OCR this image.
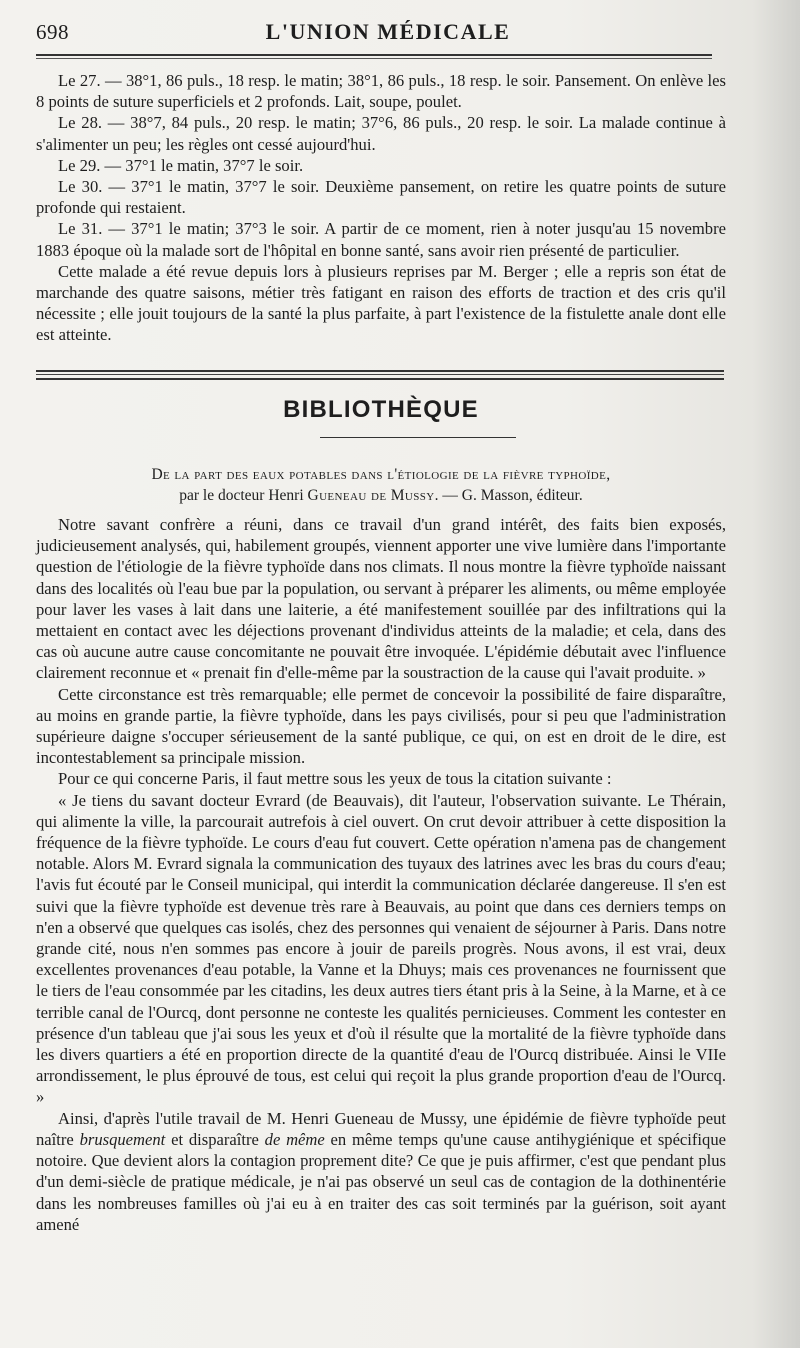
698	L'UNION MÉDICALE

Le 27. — 38°1, 86 puls., 18 resp. le matin; 38°1, 86 puls., 18 resp. le soir. Pansement. On enlève les 8 points de suture superficiels et 2 profonds. Lait, soupe, poulet.

Le 28. — 38°7, 84 puls., 20 resp. le matin; 37°6, 86 puls., 20 resp. le soir. La malade continue à s'alimenter un peu; les règles ont cessé aujourd'hui.

Le 29. — 37°1 le matin, 37°7 le soir.

Le 30. — 37°1 le matin, 37°7 le soir. Deuxième pansement, on retire les quatre points de suture profonde qui restaient.

Le 31. — 37°1 le matin; 37°3 le soir. A partir de ce moment, rien à noter jusqu'au 15 novembre 1883 époque où la malade sort de l'hôpital en bonne santé, sans avoir rien présenté de particulier.

Cette malade a été revue depuis lors à plusieurs reprises par M. Berger ; elle a repris son état de marchande des quatre saisons, métier très fatigant en raison des efforts de traction et des cris qu'il nécessite ; elle jouit toujours de la santé la plus parfaite, à part l'existence de la fistulette anale dont elle est atteinte.

BIBLIOTHÈQUE
De la part des eaux potables dans l'étiologie de la fièvre typhoïde,
par le docteur Henri Gueneau de Mussy. — G. Masson, éditeur.

Notre savant confrère a réuni, dans ce travail d'un grand intérêt, des faits bien exposés, judicieusement analysés, qui, habilement groupés, viennent apporter une vive lumière dans l'importante question de l'étiologie de la fièvre typhoïde dans nos climats. Il nous montre la fièvre typhoïde naissant dans des localités où l'eau bue par la population, ou servant à préparer les aliments, ou même employée pour laver les vases à lait dans une laiterie, a été manifestement souillée par des infiltrations qui la mettaient en contact avec les déjections provenant d'individus atteints de la maladie; et cela, dans des cas où aucune autre cause concomitante ne pouvait être invoquée. L'épidémie débutait avec l'influence clairement reconnue et « prenait fin d'elle-même par la soustraction de la cause qui l'avait produite. »

Cette circonstance est très remarquable; elle permet de concevoir la possibilité de faire disparaître, au moins en grande partie, la fièvre typhoïde, dans les pays civilisés, pour si peu que l'administration supérieure daigne s'occuper sérieusement de la santé publique, ce qui, on est en droit de le dire, est incontestablement sa principale mission.

Pour ce qui concerne Paris, il faut mettre sous les yeux de tous la citation suivante :

« Je tiens du savant docteur Evrard (de Beauvais), dit l'auteur, l'observation suivante. Le Thérain, qui alimente la ville, la parcourait autrefois à ciel ouvert. On crut devoir attribuer à cette disposition la fréquence de la fièvre typhoïde. Le cours d'eau fut couvert. Cette opération n'amena pas de changement notable. Alors M. Evrard signala la communication des tuyaux des latrines avec les bras du cours d'eau; l'avis fut écouté par le Conseil municipal, qui interdit la communication déclarée dangereuse. Il s'en est suivi que la fièvre typhoïde est devenue très rare à Beauvais, au point que dans ces derniers temps on n'en a observé que quelques cas isolés, chez des personnes qui venaient de séjourner à Paris. Dans notre grande cité, nous n'en sommes pas encore à jouir de pareils progrès. Nous avons, il est vrai, deux excellentes provenances d'eau potable, la Vanne et la Dhuys; mais ces provenances ne fournissent que le tiers de l'eau consommée par les citadins, les deux autres tiers étant pris à la Seine, à la Marne, et à ce terrible canal de l'Ourcq, dont personne ne conteste les qualités pernicieuses. Comment les contester en présence d'un tableau que j'ai sous les yeux et d'où il résulte que la mortalité de la fièvre typhoïde dans les divers quartiers a été en proportion directe de la quantité d'eau de l'Ourcq distribuée. Ainsi le VIIe arrondissement, le plus éprouvé de tous, est celui qui reçoit la plus grande proportion d'eau de l'Ourcq. »

Ainsi, d'après l'utile travail de M. Henri Gueneau de Mussy, une épidémie de fièvre typhoïde peut naître brusquement et disparaître de même en même temps qu'une cause antihygiénique et spécifique notoire. Que devient alors la contagion proprement dite? Ce que je puis affirmer, c'est que pendant plus d'un demi-siècle de pratique médicale, je n'ai pas observé un seul cas de contagion de la dothinentérie dans les nombreuses familles où j'ai eu à en traiter des cas soit terminés par la guérison, soit ayant amené
